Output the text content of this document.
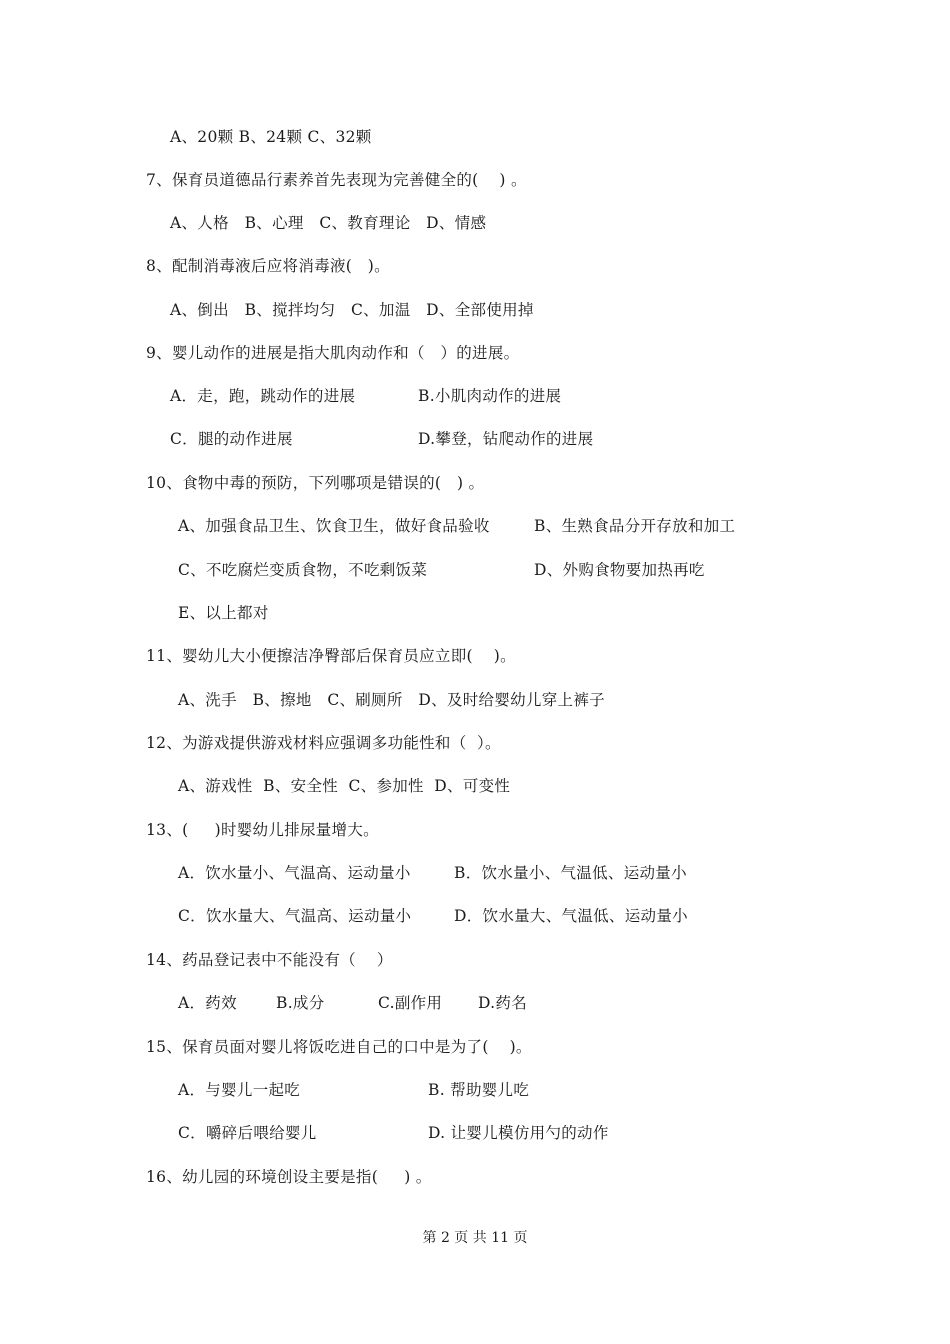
A、20颗 B、24颗 C、32颗
7、保育员道德品行素养首先表现为完善健全的(    ) 。
A、人格   B、心理   C、教育理论   D、情感
8、配制消毒液后应将消毒液(   )。
A、倒出   B、搅拌均匀   C、加温   D、全部使用掉
9、婴儿动作的进展是指大肌肉动作和（   ）的进展。

A．走，跑，跳动作的进展

	B.小肌肉动作的进展

C．腿的动作进展

	D.攀登，钻爬动作的进展

10、食物中毒的预防，下列哪项是错误的(   ) 。

A、加强食品卫生、饮食卫生，做好食品验收

	B、生熟食品分开存放和加工

C、不吃腐烂变质食物，不吃剩饭菜

	D、外购食物要加热再吃

E、以上都对
11、婴幼儿大小便擦洁净臀部后保育员应立即(    )。
A、洗手   B、擦地   C、刷厕所   D、及时给婴幼儿穿上裤子
12、为游戏提供游戏材料应强调多功能性和（  ）。
A、游戏性  B、安全性  C、参加性  D、可变性
13、(     )时婴幼儿排尿量增大。

A．饮水量小、气温高、运动量小

	B．饮水量小、气温低、运动量小

C．饮水量大、气温高、运动量小

	D．饮水量大、气温低、运动量小

14、药品登记表中不能没有（    ）

A．药效

	B.成分

	C.副作用

D.药名

15、保育员面对婴儿将饭吃进自己的口中是为了(    )。

A．与婴儿一起吃

	B. 帮助婴儿吃

C．嚼碎后喂给婴儿

	D. 让婴儿模仿用勺的动作

16、幼儿园的环境创设主要是指(     ) 。
第 2 页 共 11 页
